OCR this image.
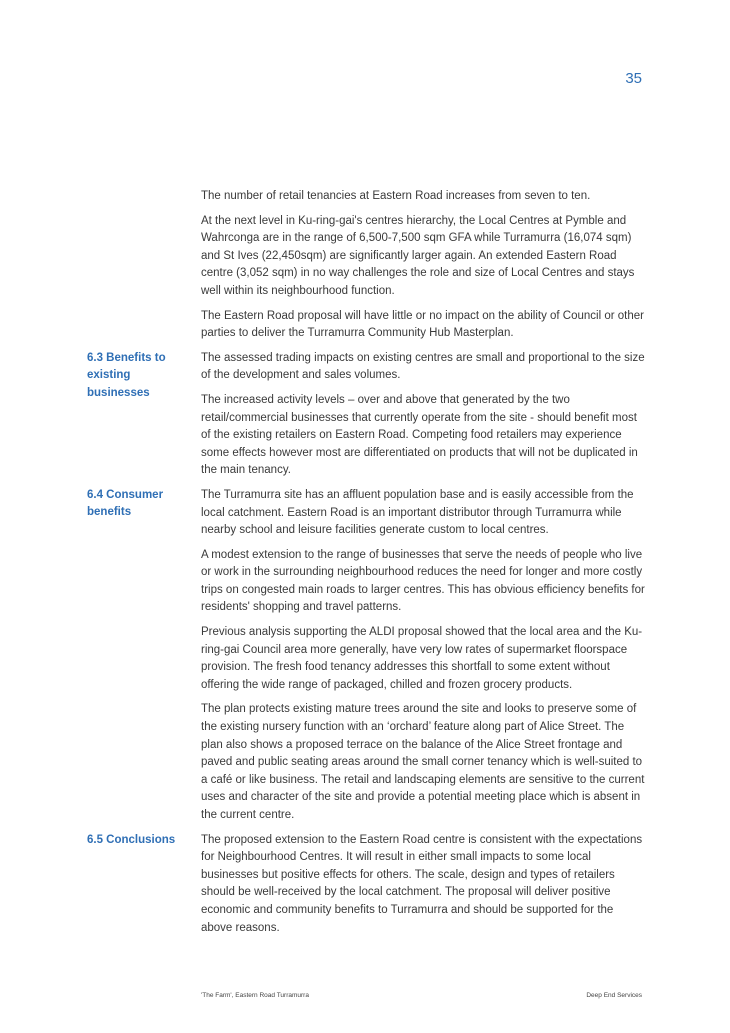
35

The number of retail tenancies at Eastern Road increases from seven to ten.

At the next level in Ku-ring-gai's centres hierarchy, the Local Centres at Pymble and Wahrconga are in the range of 6,500-7,500 sqm GFA while Turramurra (16,074 sqm) and St Ives (22,450sqm) are significantly larger again. An extended Eastern Road centre (3,052 sqm) in no way challenges the role and size of Local Centres and stays well within its neighbourhood function.

The Eastern Road proposal will have little or no impact on the ability of Council or other parties to deliver the Turramurra Community Hub Masterplan.

6.3 Benefits to existing businesses

The assessed trading impacts on existing centres are small and proportional to the size of the development and sales volumes.

The increased activity levels – over and above that generated by the two retail/commercial businesses that currently operate from the site - should benefit most of the existing retailers on Eastern Road. Competing food retailers may experience some effects however most are differentiated on products that will not be duplicated in the main tenancy.

6.4 Consumer benefits

The Turramurra site has an affluent population base and is easily accessible from the local catchment. Eastern Road is an important distributor through Turramurra while nearby school and leisure facilities generate custom to local centres.

A modest extension to the range of businesses that serve the needs of people who live or work in the surrounding neighbourhood reduces the need for longer and more costly trips on congested main roads to larger centres. This has obvious efficiency benefits for residents' shopping and travel patterns.

Previous analysis supporting the ALDI proposal showed that the local area and the Ku-ring-gai Council area more generally, have very low rates of supermarket floorspace provision. The fresh food tenancy addresses this shortfall to some extent without offering the wide range of packaged, chilled and frozen grocery products.

The plan protects existing mature trees around the site and looks to preserve some of the existing nursery function with an ‘orchard’ feature along part of Alice Street. The plan also shows a proposed terrace on the balance of the Alice Street frontage and paved and public seating areas around the small corner tenancy which is well-suited to a café or like business. The retail and landscaping elements are sensitive to the current uses and character of the site and provide a potential meeting place which is absent in the current centre.

6.5 Conclusions	The proposed extension to the Eastern Road centre is consistent with the expectations for Neighbourhood Centres. It will result in either small impacts to some local businesses but positive effects for others. The scale, design and types of retailers should be well-received by the local catchment. The proposal will deliver positive economic and community benefits to Turramurra and should be supported for the above reasons.

'The Farm', Eastern Road Turramurra	Deep End Services
